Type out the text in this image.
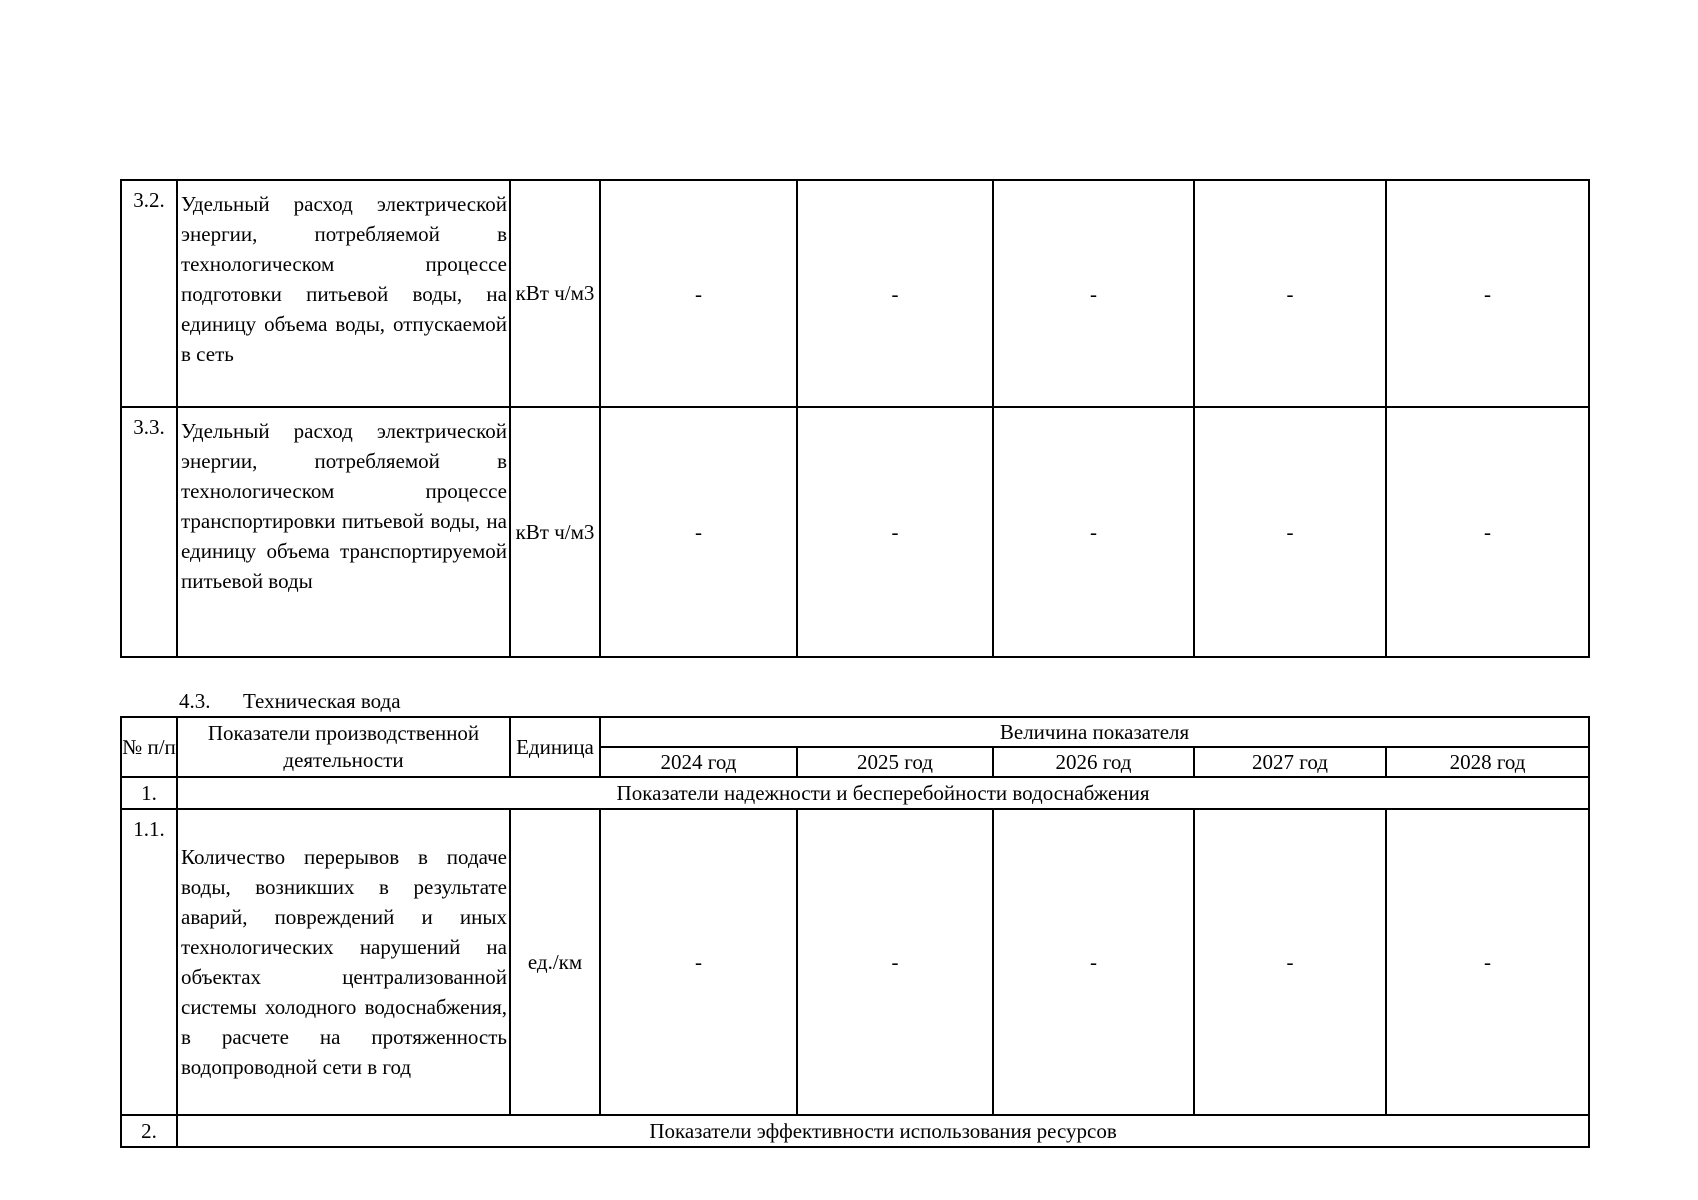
3.2.	Удельный расход электрической энергии, потребляемой в технологическом процессе подготовки питьевой воды, на единицу объема воды, отпускаемой в сеть	кВт ч/м3	-	-	-	-	-
3.3.	Удельный расход электрической энергии, потребляемой в технологическом процессе транспортировки питьевой воды, на единицу объема транспортируемой питьевой воды	кВт ч/м3	-	-	-	-	-
4.3. Техническая вода
№ п/п	Показатели производственной деятельности	Единица	Величина показателя				
			2024 год	2025 год	2026 год	2027 год	2028 год
1.	Показатели надежности и бесперебойности водоснабжения						
1.1.	Количество перерывов в подаче воды, возникших в результате аварий, повреждений и иных технологических нарушений на объектах централизованной системы холодного водоснабжения, в расчете на протяженность водопроводной сети в год	ед./км	-	-	-	-	-
2.	Показатели эффективности использования ресурсов						
